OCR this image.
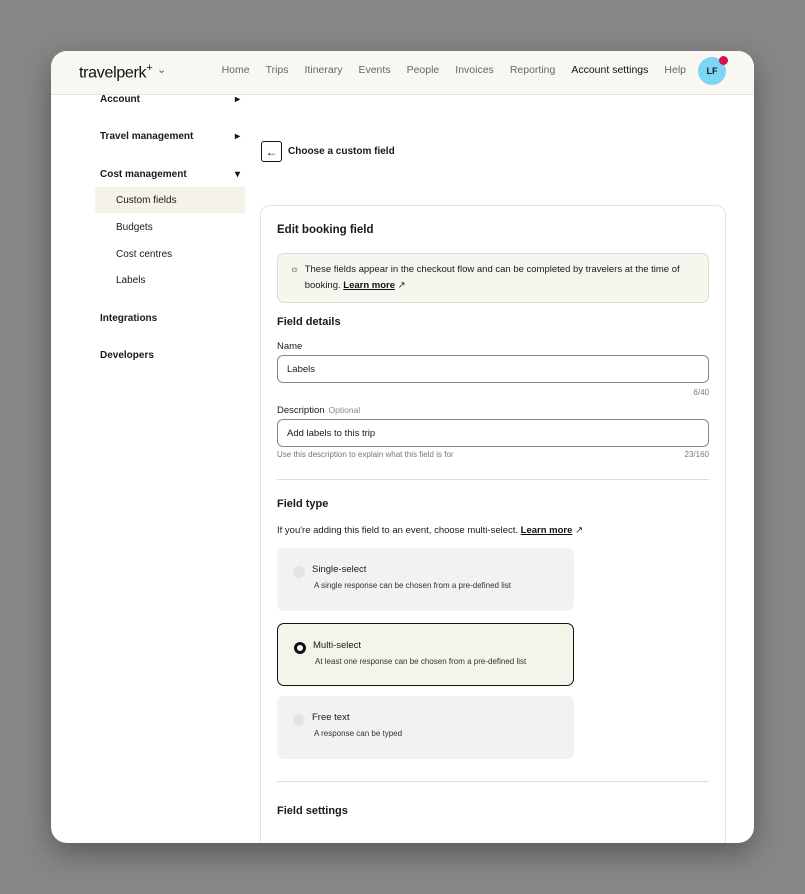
travelperk+ ⌄	Home Trips Itinerary Events People Invoices Reporting Account settings Help LF
Account	▸
Travel management	▸
Cost management	▾
Custom fields
Budgets
Cost centres
Labels
Integrations
Developers
←	Choose a custom field
Edit booking field
☼ These fields appear in the checkout flow and can be completed by travelers at the time of booking. Learn more ↗
Field details
Name
Labels
6/40
Description Optional
Add labels to this trip
Use this description to explain what this field is for	23/160
Field type
If you're adding this field to an event, choose multi-select. Learn more ↗
Single-select
A single response can be chosen from a pre-defined list
Multi-select
At least one response can be chosen from a pre-defined list
Free text
A response can be typed
Field settings
